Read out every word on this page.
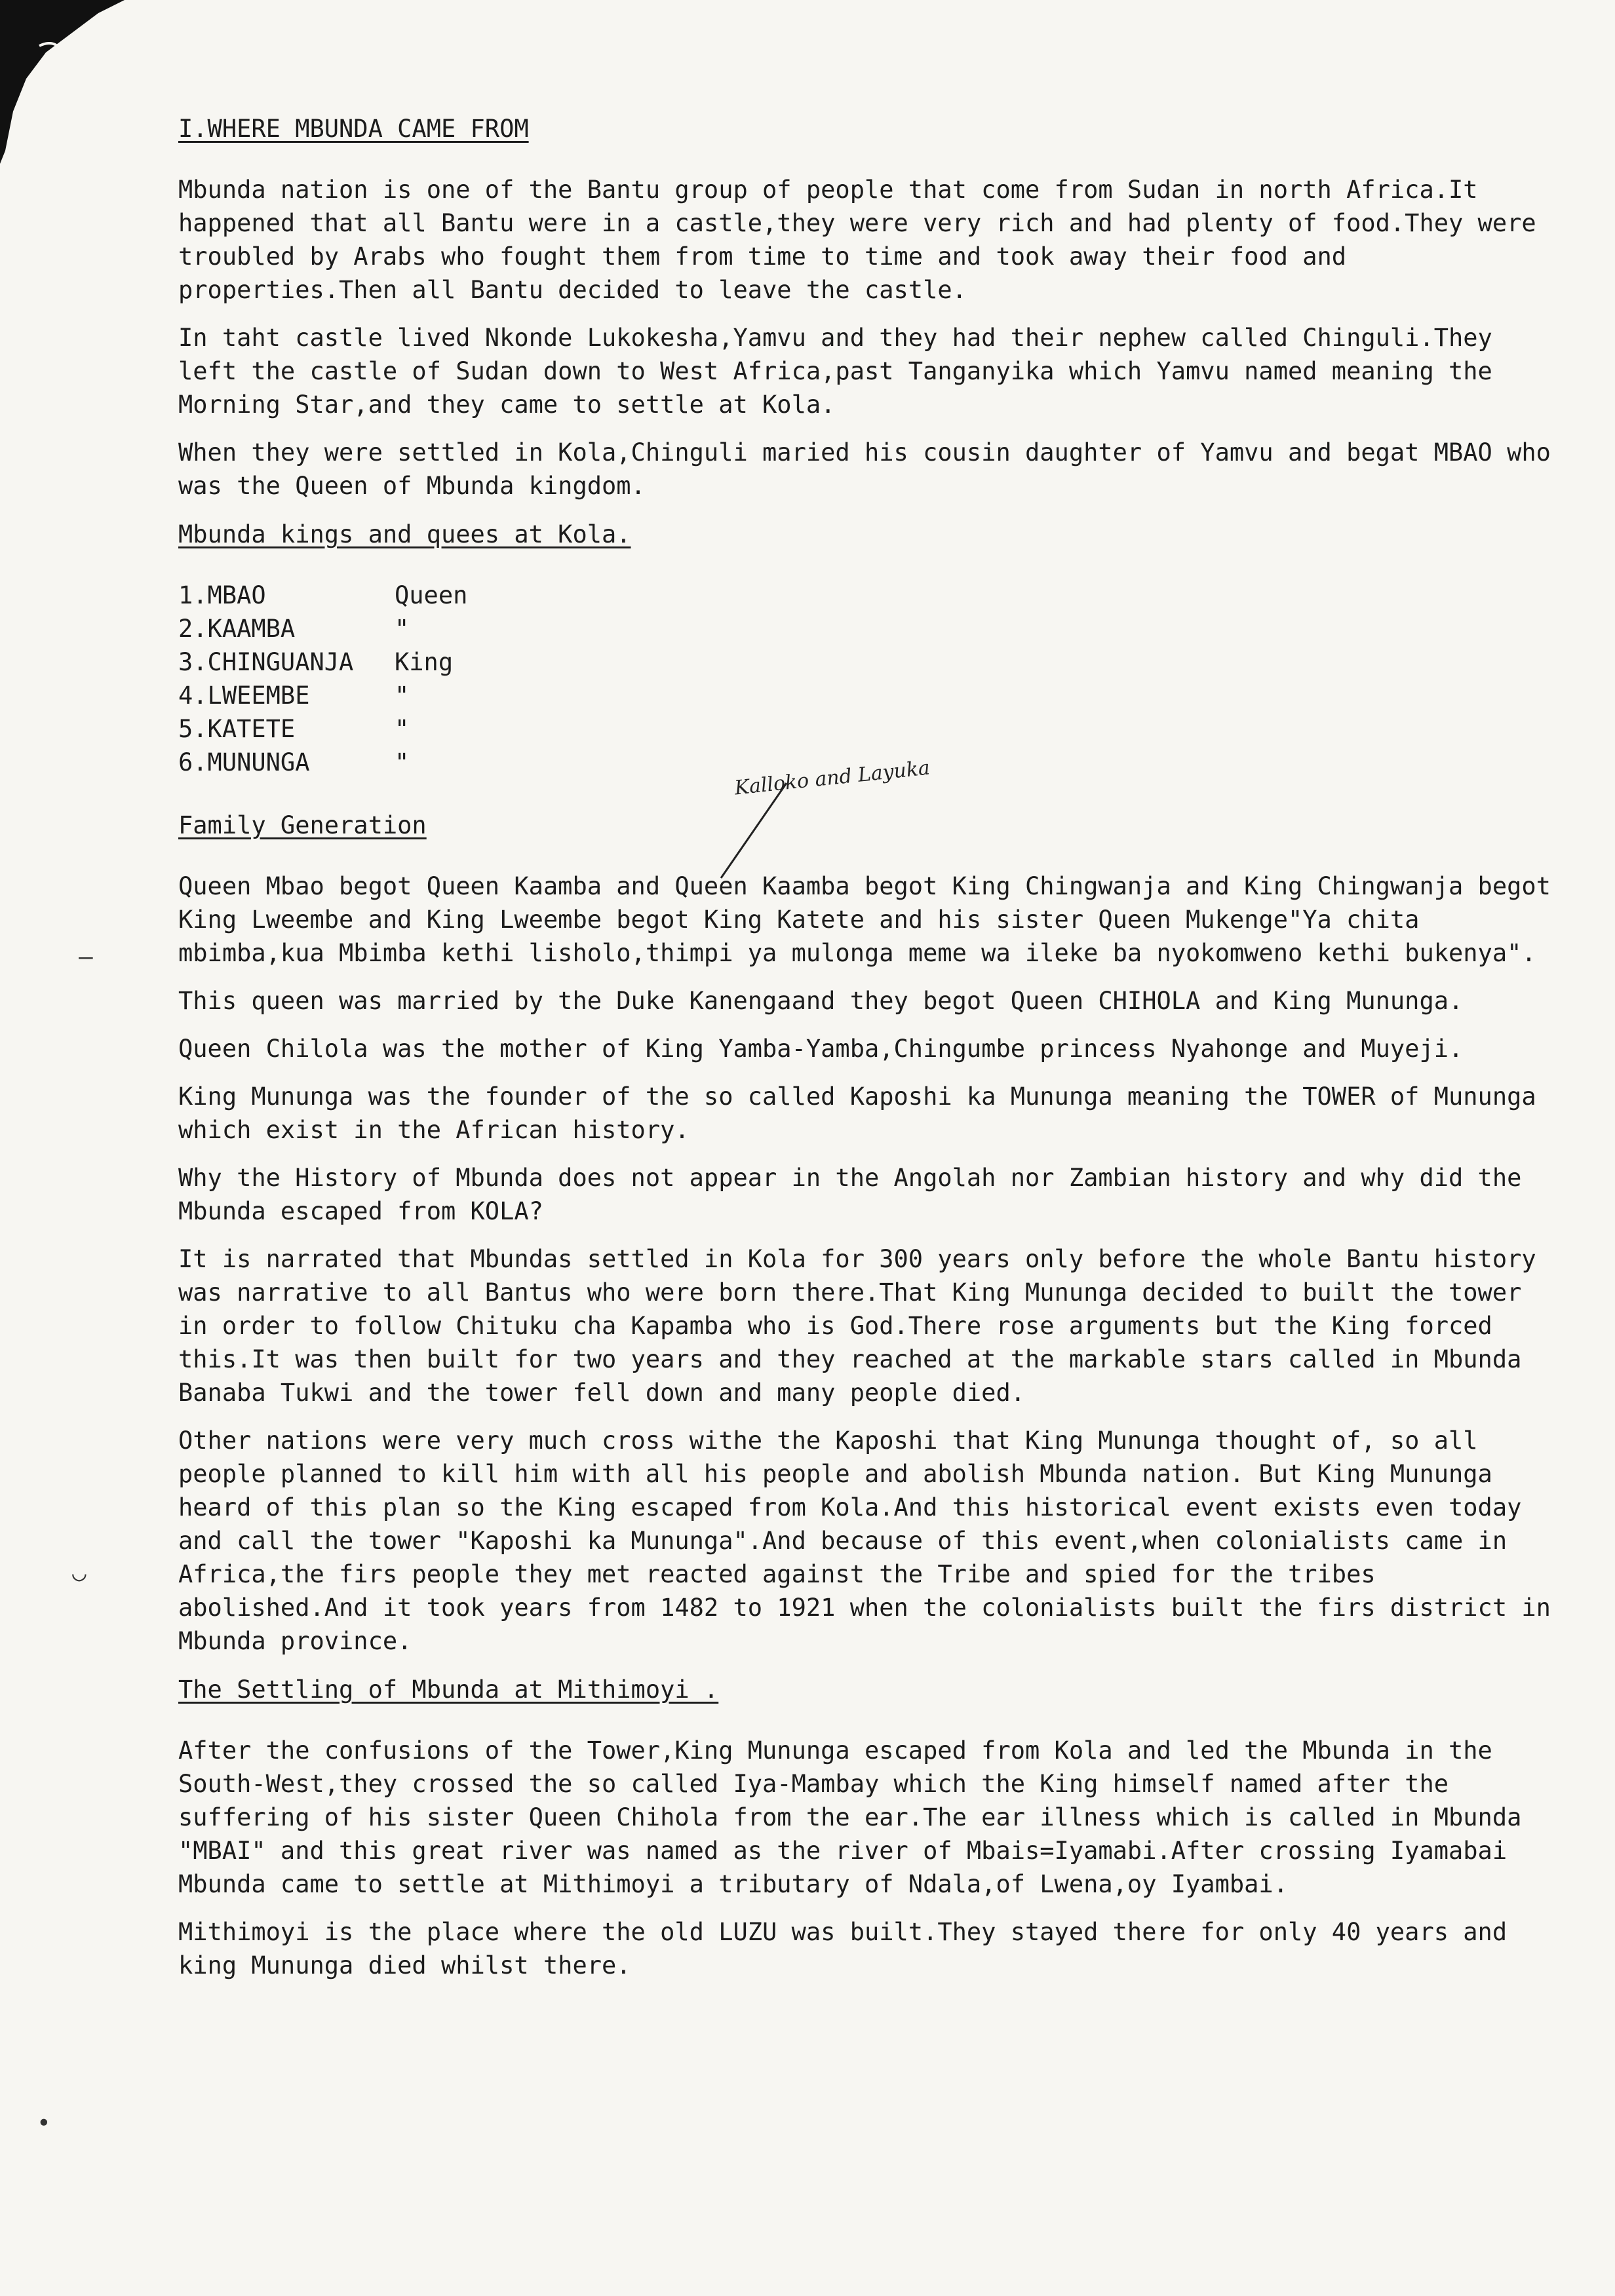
I.WHERE MBUNDA CAME FROM

Mbunda nation is one of the Bantu group of people that come from Sudan in north Africa.It happened that all Bantu were in a castle,they were very rich and had plenty of food.They were troubled by Arabs who fought them from time to time and took away their food and properties.Then all Bantu decided to leave the castle.

In taht castle lived Nkonde Lukokesha,Yamvu and they had their nephew called Chinguli.They left the castle of Sudan down to West Africa,past Tanganyika which Yamvu named meaning the Morning Star,and they came to settle at Kola.

When they were settled in Kola,Chinguli maried his cousin daughter of Yamvu and begat MBAO who was the Queen of Mbunda kingdom.

Mbunda kings and quees at Kola.
1.MBAO	Queen
2.KAAMBA	"
3.CHINGUANJA King
4.LWEEMBE	"
5.KATETE	"
6.MUNUNGA	"
Family Generation

Queen Mbao begot Queen Kaamba and Queen Kaamba begot King Chingwanja and King Chingwanja begot King Lweembe and King Lweembe begot King Katete and his sister Queen Mukenge"Ya chita mbimba,kua Mbimba kethi lisholo,thimpi ya mulonga meme wa ileke ba nyokomweno kethi bukenya".

This queen was married by the Duke Kanengaand they begot Queen CHIHOLA and King Mununga.

Queen Chilola was the mother of King Yamba-Yamba,Chingumbe princess Nyahonge and Muyeji.

King Mununga was the founder of the so called Kaposhi ka Mununga meaning the TOWER of Mununga which exist in the African history.

Why the History of Mbunda does not appear in the Angolah nor Zambian history and why did the Mbunda escaped from KOLA?

It is narrated that Mbundas settled in Kola for 300 years only before the whole Bantu history was narrative to all Bantus who were born there.That King Mununga decided to built the tower in order to follow Chituku cha Kapamba who is God.There rose arguments but the King forced this.It was then built for two years and they reached at the markable stars called in Mbunda Banaba Tukwi and the tower fell down and many people died.

Other nations were very much cross withe the Kaposhi that King Mununga thought of, so all people planned to kill him with all his people and abolish Mbunda nation. But King Mununga heard of this plan so the King escaped from Kola.And this historical event exists even today and call the tower "Kaposhi ka Mununga".And because of this event,when colonialists came in Africa,the firs people they met reacted against the Tribe and spied for the tribes abolished.And it took years from 1482 to 1921 when the colonialists built the firs district in Mbunda province.

The Settling of Mbunda at Mithimoyi .

After the confusions of the Tower,King Mununga escaped from Kola and led the Mbunda in the South-West,they crossed the so called Iya-Mambay which the King himself named after the suffering of his sister Queen Chihola from the ear.The ear illness which is called in Mbunda "MBAI" and this great river was named as the river of Mbais=Iyamabi.After crossing Iyamabai Mbunda came to settle at Mithimoyi a tributary of Ndala,of Lwena,oy Iyambai.

Mithimoyi is the place where the old LUZU was built.They stayed there for only 40 years and king Mununga died whilst there.

Kalloko and Layuka
—
◡
•
